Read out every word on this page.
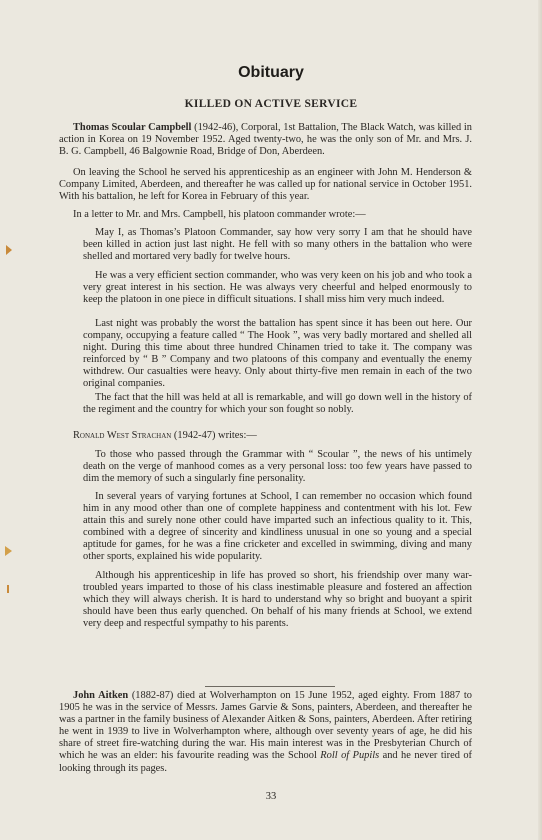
Obituary
KILLED ON ACTIVE SERVICE

Thomas Scoular Campbell (1942-46), Corporal, 1st Battalion, The Black Watch, was killed in action in Korea on 19 November 1952. Aged twenty-two, he was the only son of Mr. and Mrs. J. B. G. Campbell, 46 Balgownie Road, Bridge of Don, Aberdeen.

On leaving the School he served his apprenticeship as an engineer with John M. Henderson & Company Limited, Aberdeen, and thereafter he was called up for national service in October 1951. With his battalion, he left for Korea in February of this year.

In a letter to Mr. and Mrs. Campbell, his platoon commander wrote:—

May I, as Thomas’s Platoon Commander, say how very sorry I am that he should have been killed in action just last night. He fell with so many others in the battalion who were shelled and mortared very badly for twelve hours.

He was a very efficient section commander, who was very keen on his job and who took a very great interest in his section. He was always very cheerful and helped enormously to keep the platoon in one piece in difficult situations. I shall miss him very much indeed.

Last night was probably the worst the battalion has spent since it has been out here. Our company, occupying a feature called “ The Hook ”, was very badly mortared and shelled all night. During this time about three hundred Chinamen tried to take it. The company was reinforced by “ B ” Company and two platoons of this company and eventually the enemy withdrew. Our casualties were heavy. Only about thirty-five men remain in each of the two original companies.

The fact that the hill was held at all is remarkable, and will go down well in the history of the regiment and the country for which your son fought so nobly.

Ronald West Strachan (1942-47) writes:—

To those who passed through the Grammar with “ Scoular ”, the news of his untimely death on the verge of manhood comes as a very personal loss: too few years have passed to dim the memory of such a singularly fine personality.

In several years of varying fortunes at School, I can remember no occasion which found him in any mood other than one of complete happiness and contentment with his lot. Few attain this and surely none other could have imparted such an infectious quality to it. This, combined with a degree of sincerity and kindliness unusual in one so young and a special aptitude for games, for he was a fine cricketer and excelled in swimming, diving and many other sports, explained his wide popularity.

Although his apprenticeship in life has proved so short, his friendship over many war-troubled years imparted to those of his class inestimable pleasure and fostered an affection which they will always cherish. It is hard to understand why so bright and buoyant a spirit should have been thus early quenched. On behalf of his many friends at School, we extend very deep and respectful sympathy to his parents.

John Aitken (1882-87) died at Wolverhampton on 15 June 1952, aged eighty. From 1887 to 1905 he was in the service of Messrs. James Garvie & Sons, painters, Aberdeen, and thereafter he was a partner in the family business of Alexander Aitken & Sons, painters, Aberdeen. After retiring he went in 1939 to live in Wolverhampton where, although over seventy years of age, he did his share of street fire-watching during the war. His main interest was in the Presbyterian Church of which he was an elder: his favourite reading was the School Roll of Pupils and he never tired of looking through its pages.

33
